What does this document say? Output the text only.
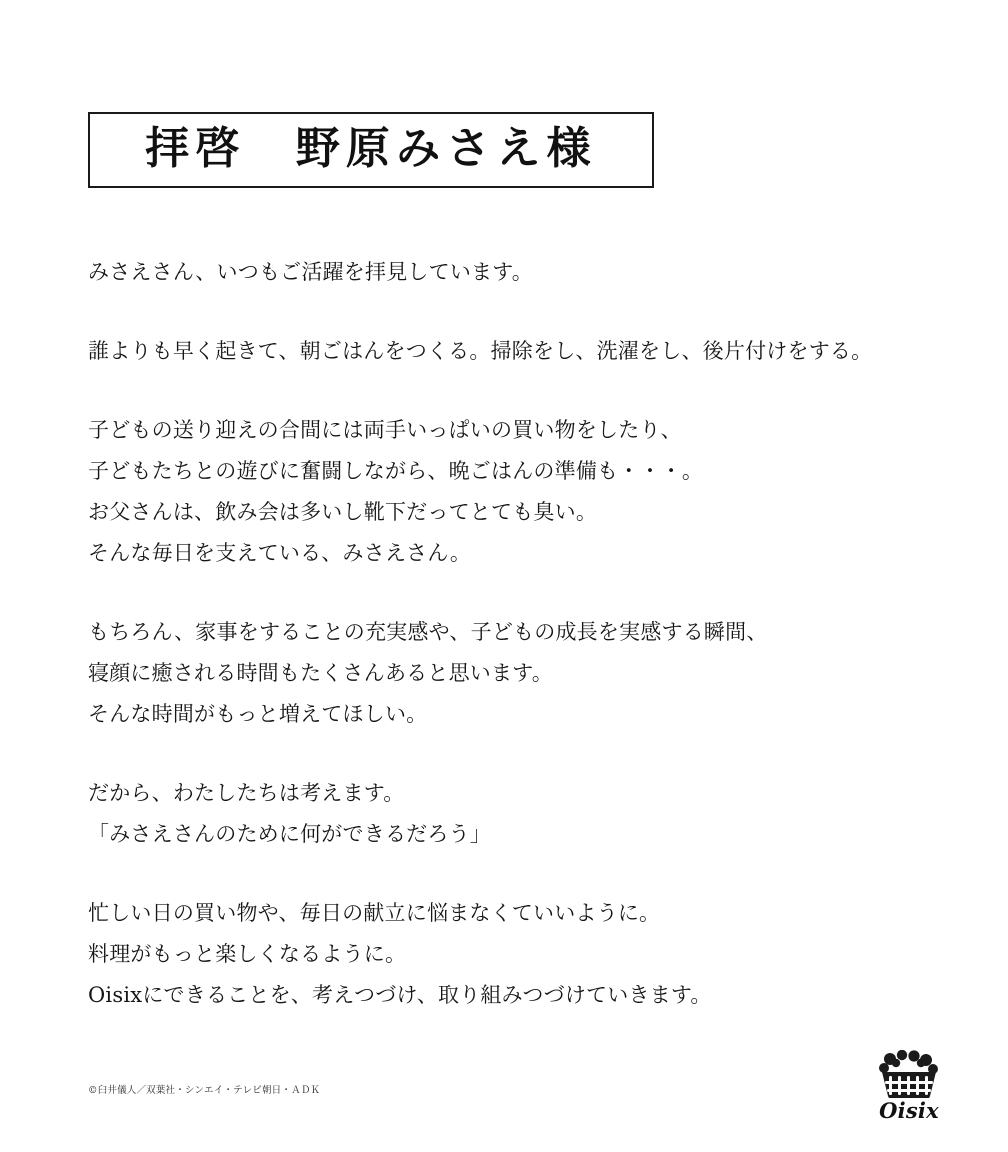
拝啓　野原みさえ様
みさえさん、いつもご活躍を拝見しています。
誰よりも早く起きて、朝ごはんをつくる。掃除をし、洗濯をし、後片付けをする。
子どもの送り迎えの合間には両手いっぱいの買い物をしたり、
子どもたちとの遊びに奮闘しながら、晩ごはんの準備も・・・。
お父さんは、飲み会は多いし靴下だってとても臭い。
そんな毎日を支えている、みさえさん。
もちろん、家事をすることの充実感や、子どもの成長を実感する瞬間、
寝顔に癒される時間もたくさんあると思います。
そんな時間がもっと増えてほしい。
だから、わたしたちは考えます。
「みさえさんのために何ができるだろう」
忙しい日の買い物や、毎日の献立に悩まなくていいように。
料理がもっと楽しくなるように。
Oisixにできることを、考えつづけ、取り組みつづけていきます。
©臼井儀人／双葉社・シンエイ・テレビ朝日・ＡＤＫ
Oisix
